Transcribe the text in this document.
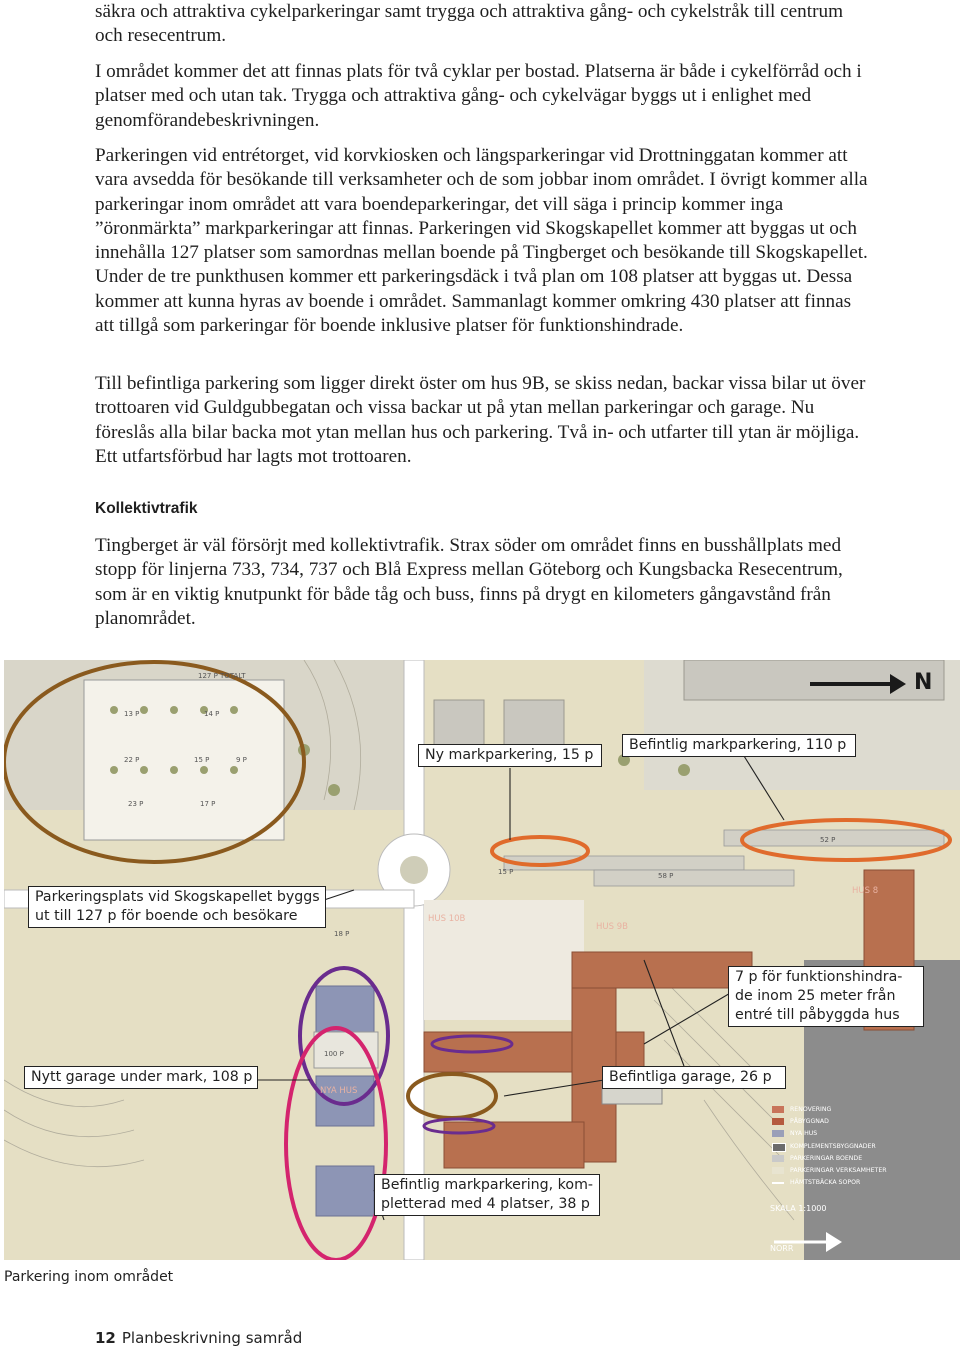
säkra och attraktiva cykelparkeringar samt trygga och attraktiva gång- och cykelstråk till centrum och resecentrum.

I området kommer det att finnas plats för två cyklar per bostad. Platserna är både i cykelförråd och i platser med och utan tak. Trygga och attraktiva gång- och cykelvägar byggs ut i enlighet med genomförandebeskrivningen.

Parkeringen vid entrétorget, vid korvkiosken och längsparkeringar vid Drottninggatan kommer att vara avsedda för besökande till verksamheter och de som jobbar inom området. I övrigt kommer alla parkeringar inom området att vara boendeparkeringar, det vill säga i princip kommer inga ”öronmärkta” markparkeringar att finnas. Parkeringen vid Skogskapellet kommer att byggas ut och innehålla 127 platser som samordnas mellan boende på Tingberget och besökande till Skogskapellet. Under de tre punkthusen kommer ett parkeringsdäck i två plan om 108 platser att byggas ut. Dessa kommer att kunna hyras av boende i området. Sammanlagt kommer omkring 430 platser att finnas att tillgå som parkeringar för boende inklusive platser för funktionshindrade.

Till befintliga parkering som ligger direkt öster om hus 9B, se skiss nedan, backar vissa bilar ut över trottoaren vid Guldgubbegatan och vissa backar ut på ytan mellan parkeringar och garage. Nu föreslås alla bilar backa mot ytan mellan hus och parkering. Två in- och utfarter till ytan är möjliga. Ett utfartsförbud har lagts mot trottoaren.

Kollektivtrafik

Tingberget är väl försörjt med kollektivtrafik. Strax söder om området finns en busshållplats med stopp för linjerna 733, 734, 737 och Blå Express mellan Göteborg och Kungsbacka Resecentrum, som är en viktig knutpunkt för både tåg och buss, finns på drygt en kilometers gångavstånd från planområdet.

127 P TOTALT
13 P	14 P
22 P	15 P	9 P
23 P	17 P
15 P
52 P
58 P
18 P
100 P
HUS 10B
HUS 9B
HUS 8
NYA HUS
N
Ny markparkering, 15 p
Befintlig markparkering, 110 p
Parkeringsplats vid Skogskapellet byggs
ut till 127 p för boende och besökare
7 p för funktionshindra-
de inom 25 meter från
entré till påbyggda hus
Nytt garage under mark, 108 p	Befintliga garage, 26 p
Befintlig markparkering, kom-
pletterad med 4 platser, 38 p
RENOVERING
PÅBYGGNAD
NYA HUS
KOMPLEMENTSBYGGNADER
PARKERINGAR BOENDE
PARKERINGAR VERKSAMHETER
HÄMTSTBÄCKA SOPOR
SKALA 1:1000
NORR
Parkering inom området
12 Planbeskrivning samråd
